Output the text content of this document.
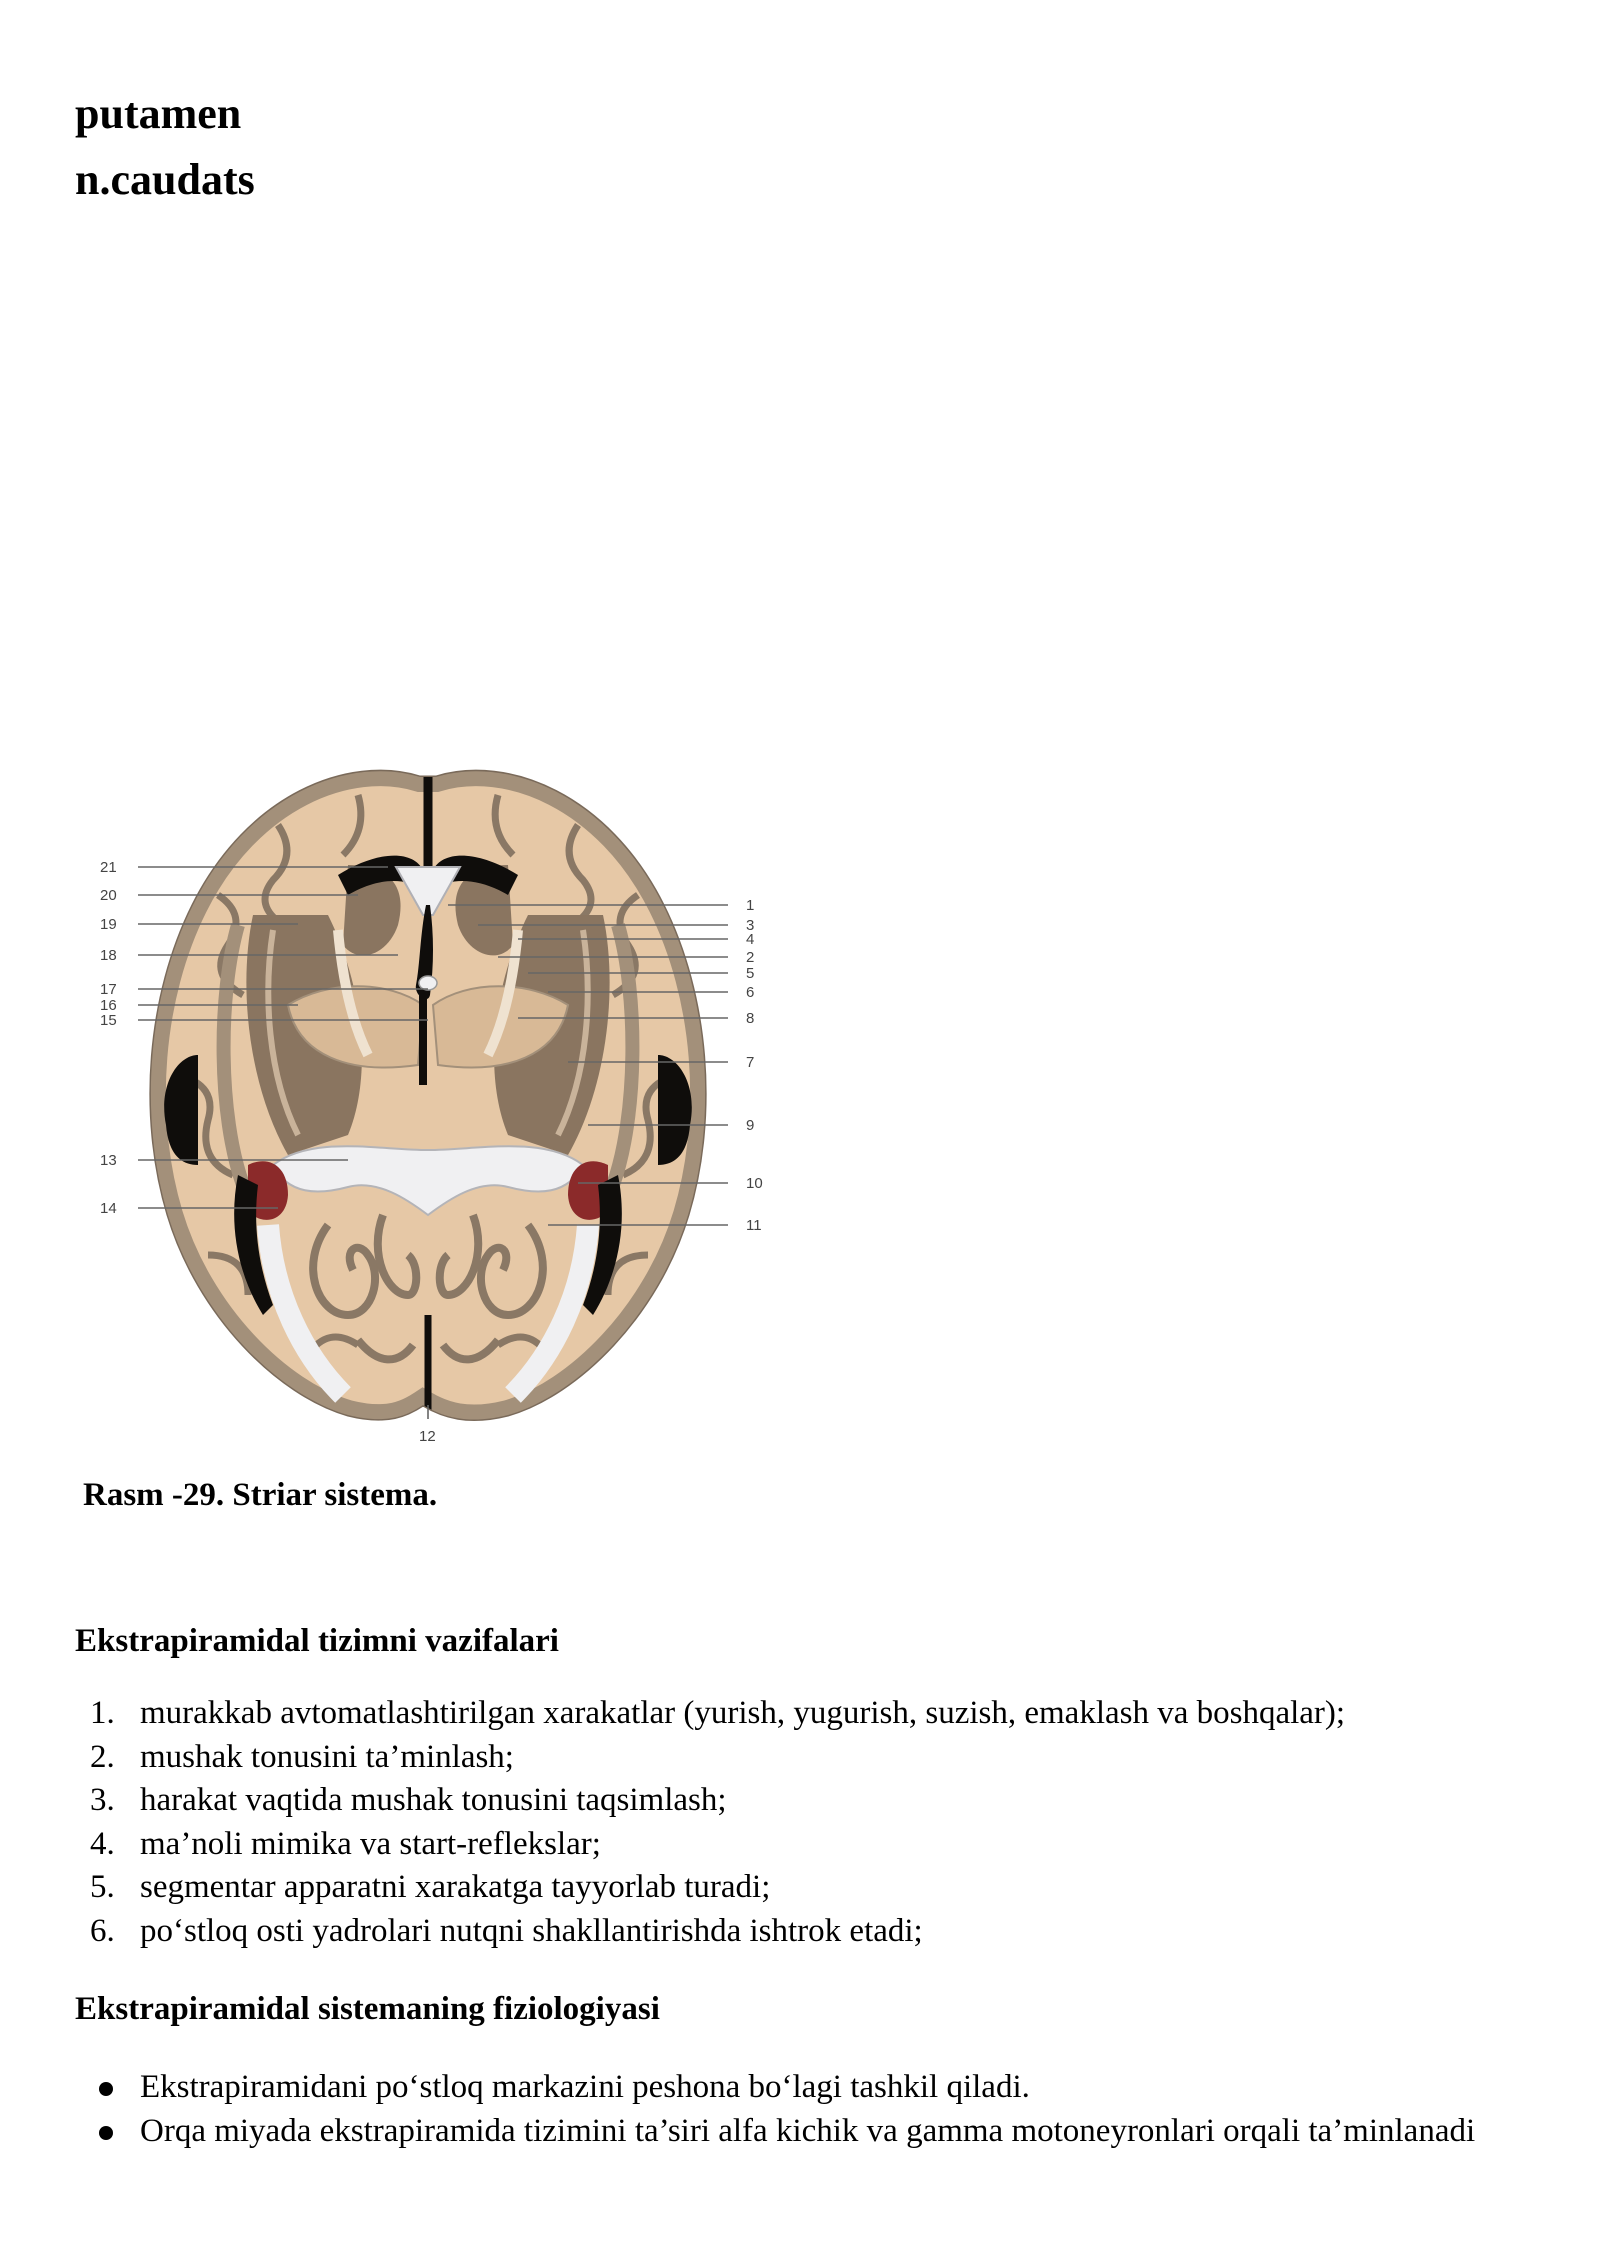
putamen
n.caudats
21
20
19
18
17
16
15
13
14
1
3
4
2
5
6
8
7
9
10
11
12
Rasm -29. Striar sistema.
Ekstrapiramidal tizimni vazifalari
1. murakkab avtomatlashtirilgan xarakatlar (yurish, yugurish, suzish, emaklash va boshqalar);
2. mushak tonusini ta’minlash;
3. harakat vaqtida mushak tonusini taqsimlash;
4. ma’noli mimika va start-reflekslar;
5. segmentar apparatni xarakatga tayyorlab turadi;
6. po‘stloq osti yadrolari nutqni shakllantirishda ishtrok etadi;
Ekstrapiramidal sistemaning fiziologiyasi
Ekstrapiramidani po‘stloq markazini peshona bo‘lagi tashkil qiladi.
Orqa miyada ekstrapiramida tizimini ta’siri alfa kichik va gamma motoneyronlari orqali ta’minlanadi
